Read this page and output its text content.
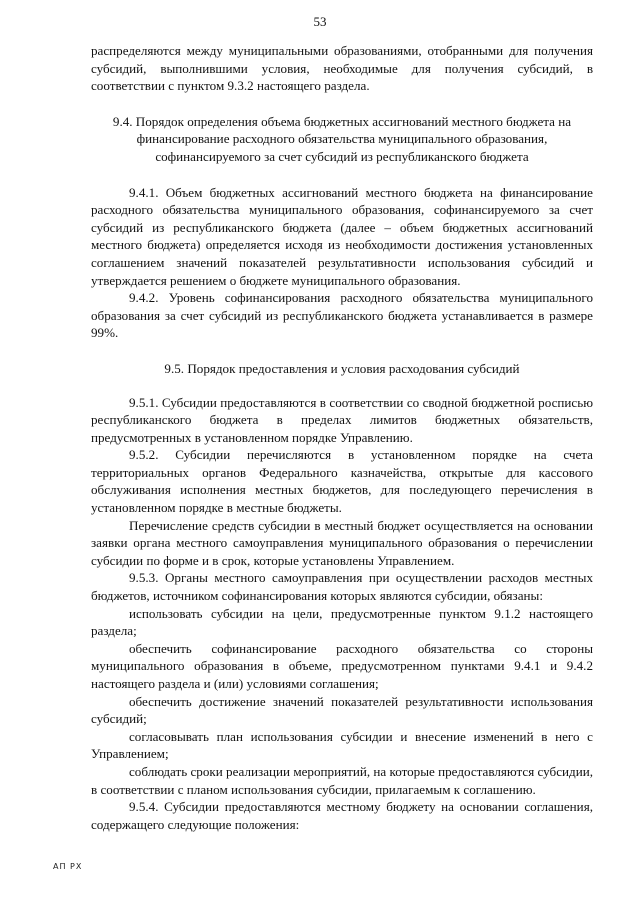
53

распределяются между муниципальными образованиями, отобранными для получения субсидий, выполнившими условия, необходимые для получения субсидий, в соответствии с пунктом 9.3.2 настоящего раздела.

9.4. Порядок определения объема бюджетных ассигнований местного бюджета на финансирование расходного обязательства муниципального образования, софинансируемого за счет субсидий из республиканского бюджета

9.4.1. Объем бюджетных ассигнований местного бюджета на финансирование расходного обязательства муниципального образования, софинансируемого за счет субсидий из республиканского бюджета (далее – объем бюджетных ассигнований местного бюджета) определяется исходя из необходимости достижения установленных соглашением значений показателей результативности использования субсидий и утверждается решением о бюджете муниципального образования.

9.4.2. Уровень софинансирования расходного обязательства муниципального образования за счет субсидий из республиканского бюджета устанавливается в размере 99%.

9.5. Порядок предоставления и условия расходования субсидий

9.5.1. Субсидии предоставляются в соответствии со сводной бюджетной росписью республиканского бюджета в пределах лимитов бюджетных обязательств, предусмотренных в установленном порядке Управлению.

9.5.2. Субсидии перечисляются в установленном порядке на счета территориальных органов Федерального казначейства, открытые для кассового обслуживания исполнения местных бюджетов, для последующего перечисления в установленном порядке в местные бюджеты.

Перечисление средств субсидии в местный бюджет осуществляется на основании заявки органа местного самоуправления муниципального образования о перечислении субсидии по форме и в срок, которые установлены Управлением.

9.5.3. Органы местного самоуправления при осуществлении расходов местных бюджетов, источником софинансирования которых являются субсидии, обязаны:

использовать субсидии на цели, предусмотренные пунктом 9.1.2 настоящего раздела;

обеспечить софинансирование расходного обязательства со стороны муниципального образования в объеме, предусмотренном пунктами 9.4.1 и 9.4.2 настоящего раздела и (или) условиями соглашения;

обеспечить достижение значений показателей результативности использования субсидий;

согласовывать план использования субсидии и внесение изменений в него с Управлением;

соблюдать сроки реализации мероприятий, на которые предоставляются субсидии, в соответствии с планом использования субсидии, прилагаемым к соглашению.

9.5.4. Субсидии предоставляются местному бюджету на основании соглашения, содержащего следующие положения:

АП РХ
